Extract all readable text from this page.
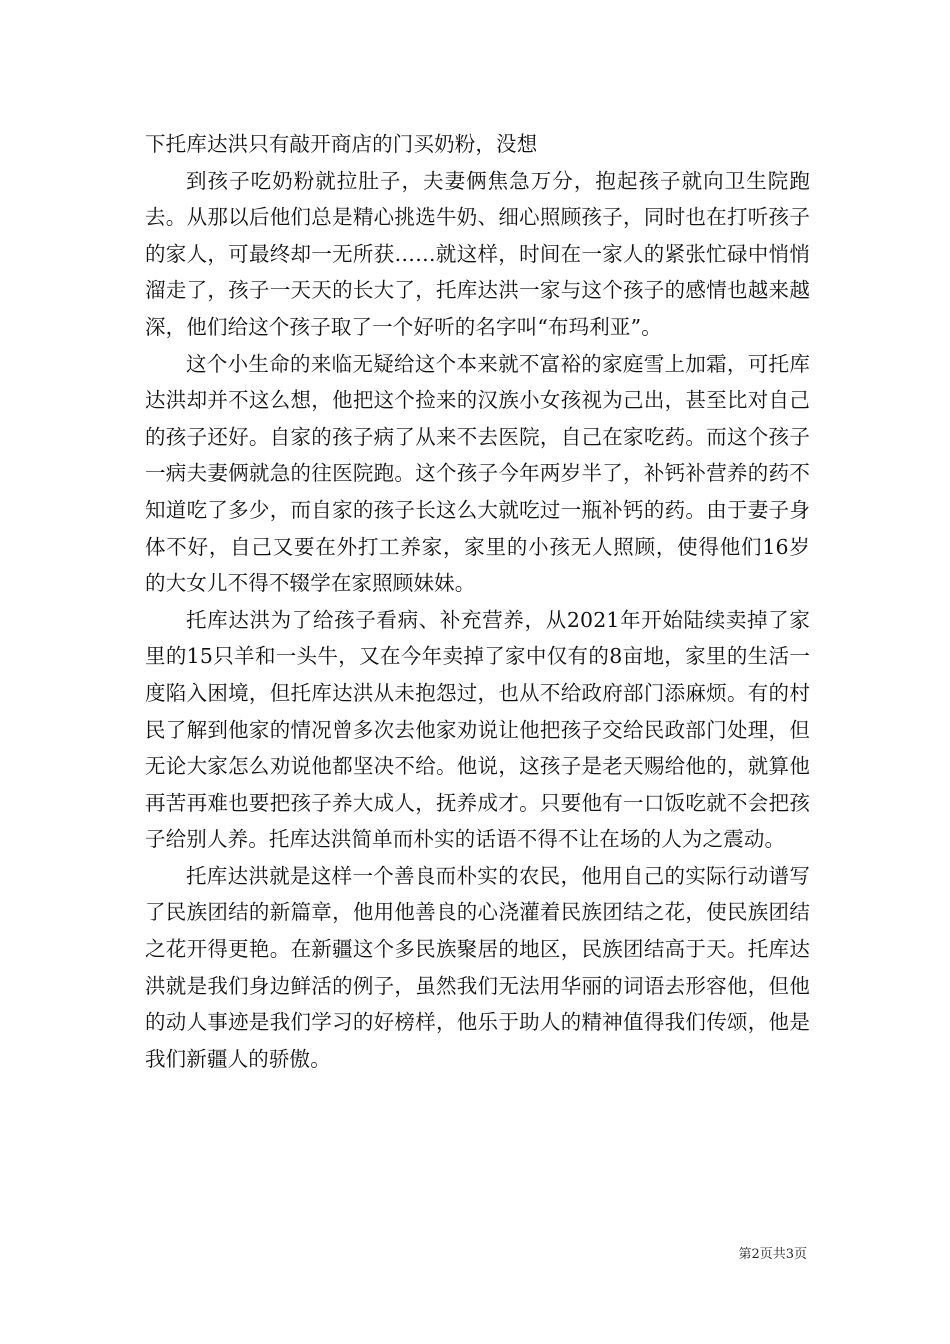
下托库达洪只有敲开商店的门买奶粉，没想

到孩子吃奶粉就拉肚子，夫妻俩焦急万分，抱起孩子就向卫生院跑去。从那以后他们总是精心挑选牛奶、细心照顾孩子，同时也在打听孩子的家人，可最终却一无所获……就这样，时间在一家人的紧张忙碌中悄悄溜走了，孩子一天天的长大了，托库达洪一家与这个孩子的感情也越来越深，他们给这个孩子取了一个好听的名字叫“布玛利亚”。

这个小生命的来临无疑给这个本来就不富裕的家庭雪上加霜，可托库达洪却并不这么想，他把这个捡来的汉族小女孩视为己出，甚至比对自己的孩子还好。自家的孩子病了从来不去医院，自己在家吃药。而这个孩子一病夫妻俩就急的往医院跑。这个孩子今年两岁半了，补钙补营养的药不知道吃了多少，而自家的孩子长这么大就吃过一瓶补钙的药。由于妻子身体不好，自己又要在外打工养家，家里的小孩无人照顾，使得他们16岁的大女儿不得不辍学在家照顾妹妹。

托库达洪为了给孩子看病、补充营养，从2021年开始陆续卖掉了家里的15只羊和一头牛，又在今年卖掉了家中仅有的8亩地，家里的生活一度陷入困境，但托库达洪从未抱怨过，也从不给政府部门添麻烦。有的村民了解到他家的情况曾多次去他家劝说让他把孩子交给民政部门处理，但无论大家怎么劝说他都坚决不给。他说，这孩子是老天赐给他的，就算他再苦再难也要把孩子养大成人，抚养成才。只要他有一口饭吃就不会把孩子给别人养。托库达洪简单而朴实的话语不得不让在场的人为之震动。

托库达洪就是这样一个善良而朴实的农民，他用自己的实际行动谱写了民族团结的新篇章，他用他善良的心浇灌着民族团结之花，使民族团结之花开得更艳。在新疆这个多民族聚居的地区，民族团结高于天。托库达洪就是我们身边鲜活的例子，虽然我们无法用华丽的词语去形容他，但他的动人事迹是我们学习的好榜样，他乐于助人的精神值得我们传颂，他是我们新疆人的骄傲。

第2页共3页
